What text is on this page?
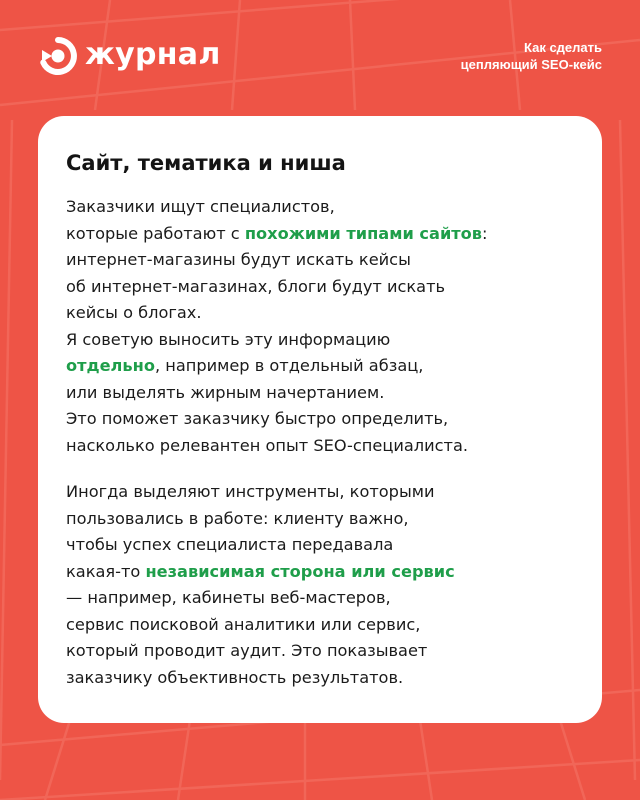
журнал	Как сделать
цепляющий SEO-кейс
Сайт, тематика и ниша

Заказчики ищут специалистов,
которые работают с похожими типами сайтов:
интернет-магазины будут искать кейсы
об интернет-магазинах, блоги будут искать
кейсы о блогах.
Я советую выносить эту информацию
отдельно, например в отдельный абзац,
или выделять жирным начертанием.
Это поможет заказчику быстро определить,
насколько релевантен опыт SEO-специалиста.

Иногда выделяют инструменты, которыми
пользовались в работе: клиенту важно,
чтобы успех специалиста передавала
какая-то независимая сторона или сервис
— например, кабинеты веб-мастеров,
сервис поисковой аналитики или сервис,
который проводит аудит. Это показывает
заказчику объективность результатов.
